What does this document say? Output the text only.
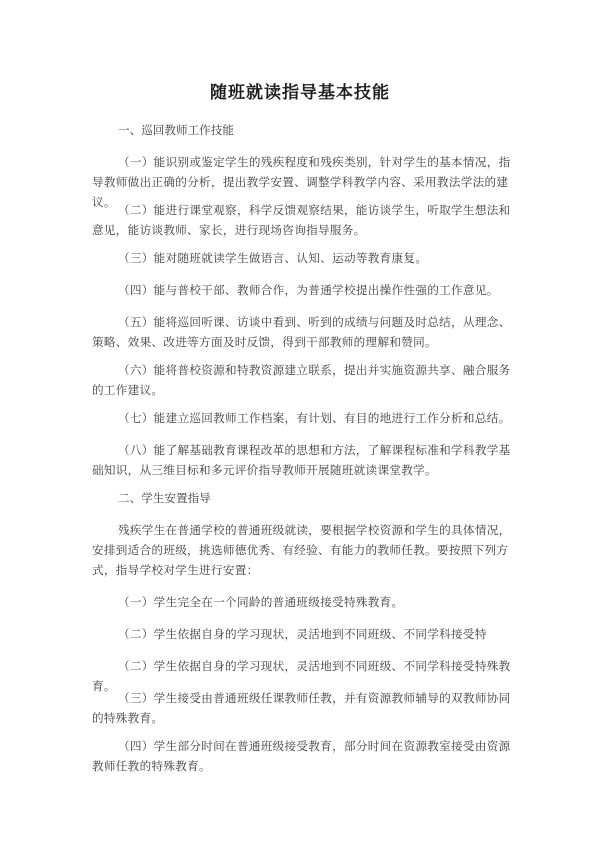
随班就读指导基本技能
一、巡回教师工作技能
（一）能识别或鉴定学生的残疾程度和残疾类别，针对学生的基本情况，指导教师做出正确的分析，提出教学安置、调整学科教学内容、采用教法学法的建议。
（二）能进行课堂观察，科学反馈观察结果，能访谈学生，听取学生想法和意见，能访谈教师、家长，进行现场咨询指导服务。
（三）能对随班就读学生做语言、认知、运动等教育康复。
（四）能与普校干部、教师合作，为普通学校提出操作性强的工作意见。
（五）能将巡回听课、访谈中看到、听到的成绩与问题及时总结，从理念、策略、效果、改进等方面及时反馈，得到干部教师的理解和赞同。
（六）能将普校资源和特教资源建立联系，提出并实施资源共享、融合服务的工作建议。
（七）能建立巡回教师工作档案，有计划、有目的地进行工作分析和总结。
（八）能了解基础教育课程改革的思想和方法，了解课程标准和学科教学基础知识，从三维目标和多元评价指导教师开展随班就读课堂教学。
二、学生安置指导
残疾学生在普通学校的普通班级就读，要根据学校资源和学生的具体情况，安排到适合的班级，挑选师德优秀、有经验、有能力的教师任教。要按照下列方式，指导学校对学生进行安置：
（一）学生完全在一个同龄的普通班级接受特殊教育。
（二）学生依据自身的学习现状，灵活地到不同班级、不同学科接受特
（二）学生依据自身的学习现状，灵活地到不同班级、不同学科接受特殊教育。
（三）学生接受由普通班级任课教师任教，并有资源教师辅导的双教师协同的特殊教育。
（四）学生部分时间在普通班级接受教育，部分时间在资源教室接受由资源教师任教的特殊教育。
